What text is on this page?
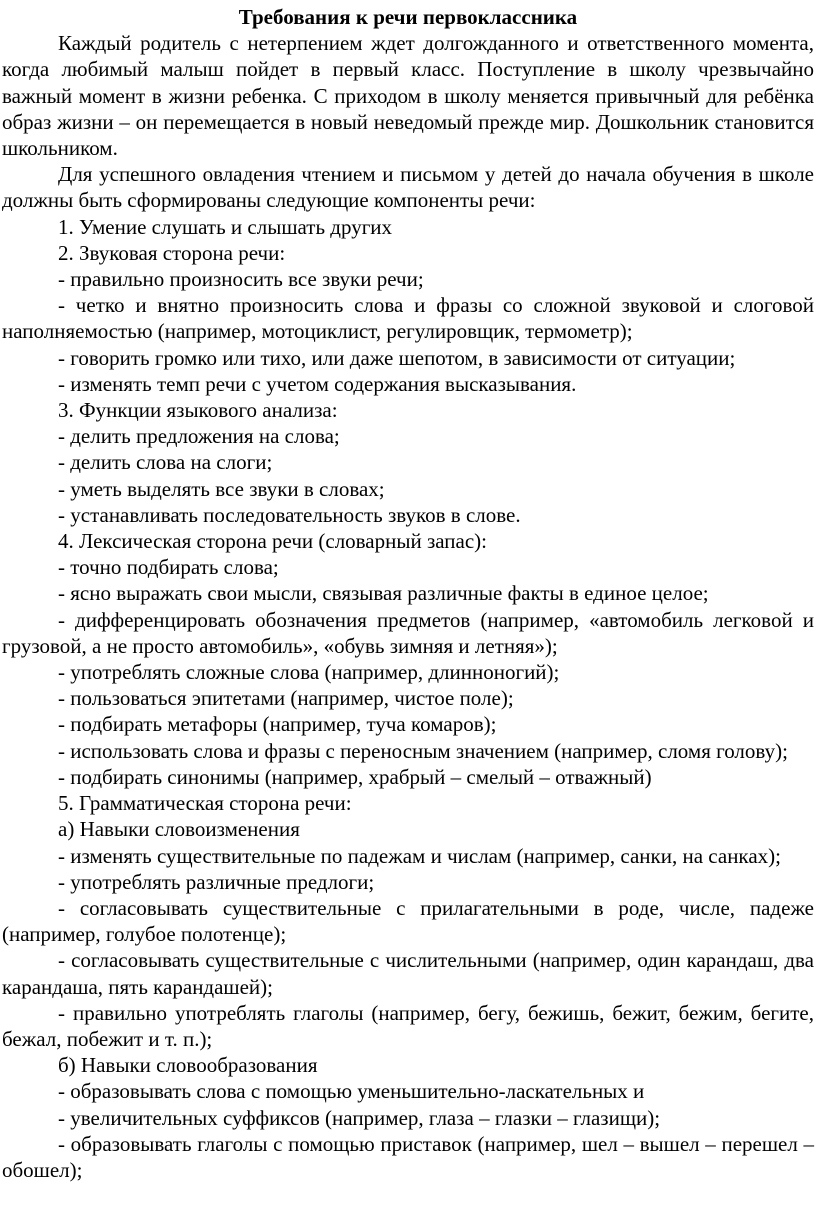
Требования к речи первоклассника

Каждый родитель с нетерпением ждет долгожданного и ответственного момента, когда любимый малыш пойдет в первый класс. Поступление в школу чрезвычайно важный момент в жизни ребенка. С приходом в школу меняется привычный для ребёнка образ жизни – он перемещается в новый неведомый прежде мир. Дошкольник становится школьником.

Для успешного овладения чтением и письмом у детей до начала обучения в школе должны быть сформированы следующие компоненты речи:

1. Умение слушать и слышать других

2. Звуковая сторона речи:

- правильно произносить все звуки речи;

- четко и внятно произносить слова и фразы со сложной звуковой и слоговой наполняемостью (например, мотоциклист, регулировщик, термометр);

- говорить громко или тихо, или даже шепотом, в зависимости от ситуации;

- изменять темп речи с учетом содержания высказывания.

3. Функции языкового анализа:

- делить предложения на слова;

- делить слова на слоги;

- уметь выделять все звуки в словах;

- устанавливать последовательность звуков в слове.

4. Лексическая сторона речи (словарный запас):

- точно подбирать слова;

- ясно выражать свои мысли, связывая различные факты в единое целое;

- дифференцировать обозначения предметов (например, «автомобиль легковой и грузовой, а не просто автомобиль», «обувь зимняя и летняя»);

- употреблять сложные слова (например, длинноногий);

- пользоваться эпитетами (например, чистое поле);

- подбирать метафоры (например, туча комаров);

- использовать слова и фразы с переносным значением (например, сломя голову);

- подбирать синонимы (например, храбрый – смелый – отважный)

5. Грамматическая сторона речи:

а) Навыки словоизменения

- изменять существительные по падежам и числам (например, санки, на санках);

- употреблять различные предлоги;

- согласовывать существительные с прилагательными в роде, числе, падеже (например, голубое полотенце);

- согласовывать существительные с числительными (например, один карандаш, два карандаша, пять карандашей);

- правильно употреблять глаголы (например, бегу, бежишь, бежит, бежим, бегите, бежал, побежит и т. п.);

б) Навыки словообразования

- образовывать слова с помощью уменьшительно-ласкательных и

- увеличительных суффиксов (например, глаза – глазки – глазищи);

- образовывать глаголы с помощью приставок (например, шел – вышел – перешел – обошел);
